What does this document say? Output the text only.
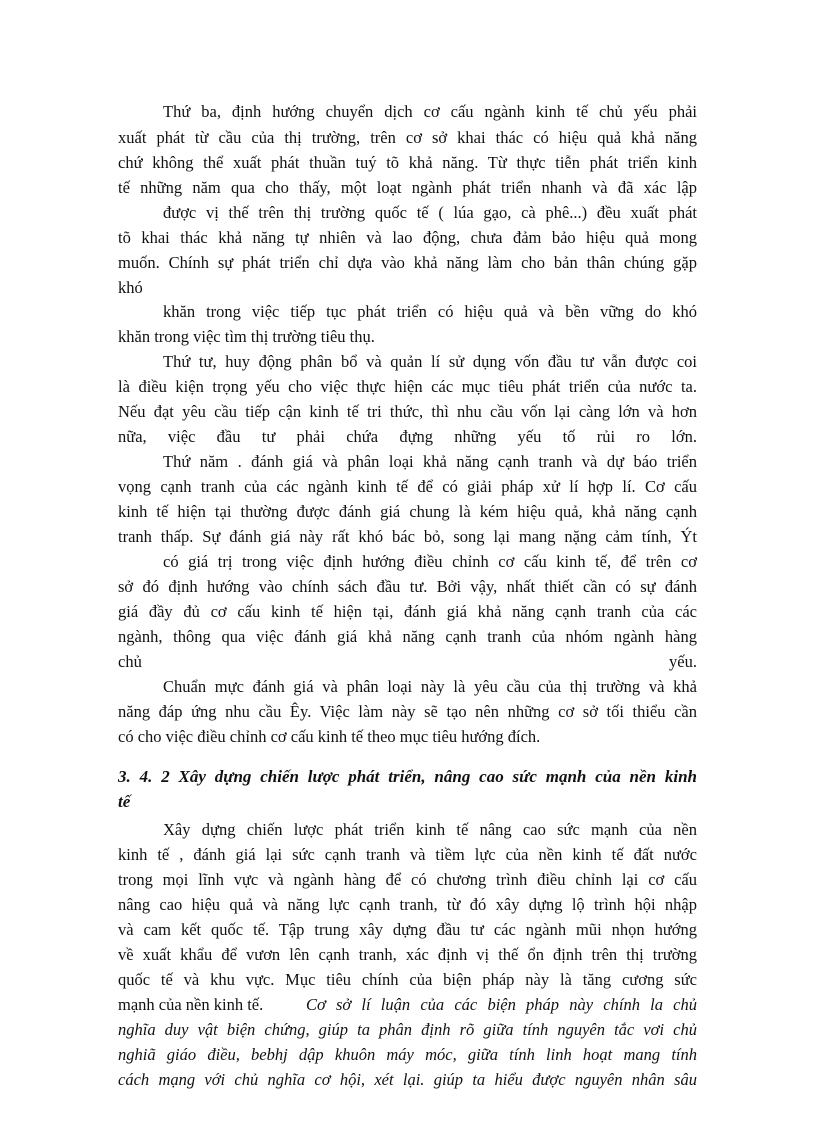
Thứ ba, định hướng chuyển dịch cơ cấu ngành kinh tế chủ yếu phải
xuất phát từ cầu của thị trường, trên cơ sở khai thác có hiệu quả khả năng
chứ không thể xuất phát thuần tuý tõ khả năng. Từ thực tiễn phát triển kinh
tế những năm qua cho thấy, một loạt ngành phát triển nhanh và đã xác lập
được vị thế trên thị trường quốc tế ( lúa gạo, cà phê...) đều xuất phát
tõ khai thác khả năng tự nhiên và lao động, chưa đảm bảo hiệu quả mong
muốn. Chính sự phát triển chỉ dựa vào khả năng làm cho bản thân chúng gặp
khó
khăn trong việc tiếp tục phát triển có hiệu quả và bền vững do khó
khăn trong việc tìm thị trường tiêu thụ.
Thứ tư, huy động phân bổ và quản lí sử dụng vốn đầu tư vẫn được coi
là điều kiện trọng yếu cho việc thực hiện các mục tiêu phát triển của nước ta.
Nếu đạt yêu cầu tiếp cận kinh tế tri thức, thì nhu cầu vốn lại càng lớn và hơn
nữa, việc đầu tư phải chứa đựng những yếu tố rủi ro lớn.
Thứ năm . đánh giá và phân loại khả năng cạnh tranh và dự báo triển
vọng cạnh tranh của các ngành kinh tế để có giải pháp xử lí hợp lí. Cơ cấu
kinh tế hiện tại thường được đánh giá chung là kém hiệu quả, khả năng cạnh
tranh thấp. Sự đánh giá này rất khó bác bỏ, song lại mang nặng cảm tính, Ýt
có giá trị trong việc định hướng điều chỉnh cơ cấu kinh tế, để trên cơ
sở đó định hướng vào chính sách đầu tư. Bởi vậy, nhất thiết cần có sự đánh
giá đầy đủ cơ cấu kinh tế hiện tại, đánh giá khả năng cạnh tranh của các
ngành, thông qua việc đánh giá khả năng cạnh tranh của nhóm ngành hàng
chủ	yếu.
Chuẩn mực đánh giá và phân loại này là yêu cầu của thị trường và khả
năng đáp ứng nhu cầu Êy. Việc làm này sẽ tạo nên những cơ sở tối thiểu cần
có cho việc điều chỉnh cơ cấu kinh tế theo mục tiêu hướng đích.
3. 4. 2 Xây dựng chiến lược phát triển, nâng cao sức mạnh của nền kinh
tế
Xây dựng chiến lược phát triển kinh tế nâng cao sức mạnh của nền
kinh tế , đánh giá lại sức cạnh tranh và tiềm lực của nền kinh tế đất nước
trong mọi lĩnh vực và ngành hàng để có chương trình điều chỉnh lại cơ cấu
nâng cao hiệu quả và năng lực cạnh tranh, từ đó xây dựng lộ trình hội nhập
và cam kết quốc tế. Tập trung xây dựng đầu tư các ngành mũi nhọn hướng
về xuất khẩu để vươn lên cạnh tranh, xác định vị thế ổn định trên thị trường
quốc tế và khu vực. Mục tiêu chính của biện pháp này là tăng cương sức
mạnh của nền kinh tế.	Cơ sở lí luận của các biện pháp này chính la chủ
nghĩa duy vật biện chứng, giúp ta phân định rõ giữa tính nguyên tắc vơi chủ
nghiã giáo điều, bebhj dập khuôn máy móc, giữa tính linh hoạt mang tính
cách mạng với chủ nghĩa cơ hội, xét lại. giúp ta hiểu được nguyên nhân sâu
